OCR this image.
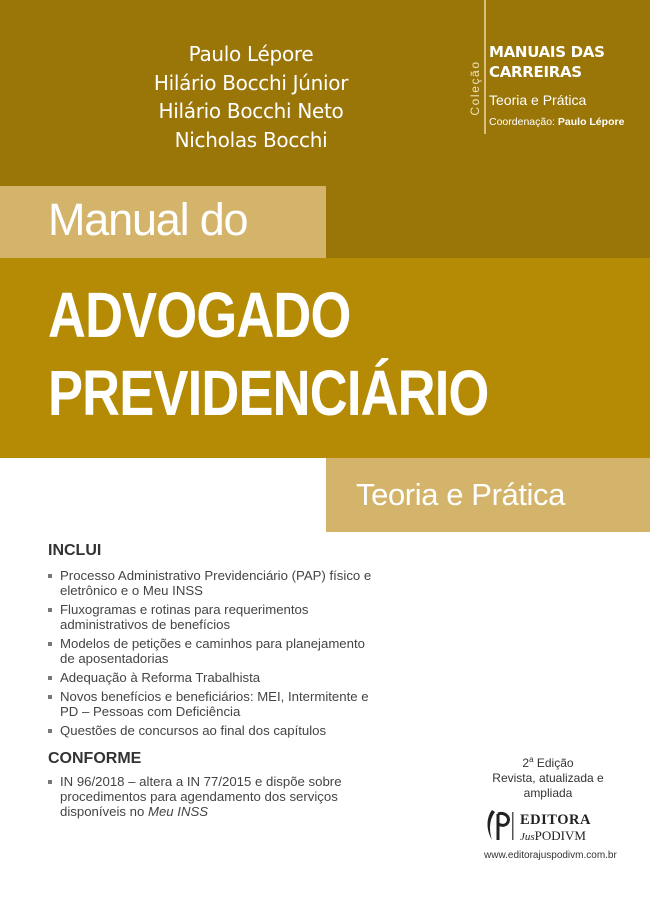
Paulo Lépore
Hilário Bocchi Júnior
Hilário Bocchi Neto
Nicholas Bocchi
Coleção
MANUAIS DAS
CARREIRAS
Teoria e Prática
Coordenação: Paulo Lépore
Manual do
ADVOGADO
PREVIDENCIÁRIO
Teoria e Prática
INCLUI
Processo Administrativo Previdenciário (PAP) físico e eletrônico e o Meu INSS
Fluxogramas e rotinas para requerimentos administrativos de benefícios
Modelos de petições e caminhos para planejamento de aposentadorias
Adequação à Reforma Trabalhista
Novos benefícios e beneficiários: MEI, Intermitente e PD – Pessoas com Deficiência
Questões de concursos ao final dos capítulos
CONFORME
IN 96/2018 – altera a IN 77/2015 e dispõe sobre procedimentos para agendamento dos serviços disponíveis no Meu INSS
2$^a$ Edição
Revista, atualizada e ampliada
EDITORA
JusPODIVM
www.editorajuspodivm.com.br
